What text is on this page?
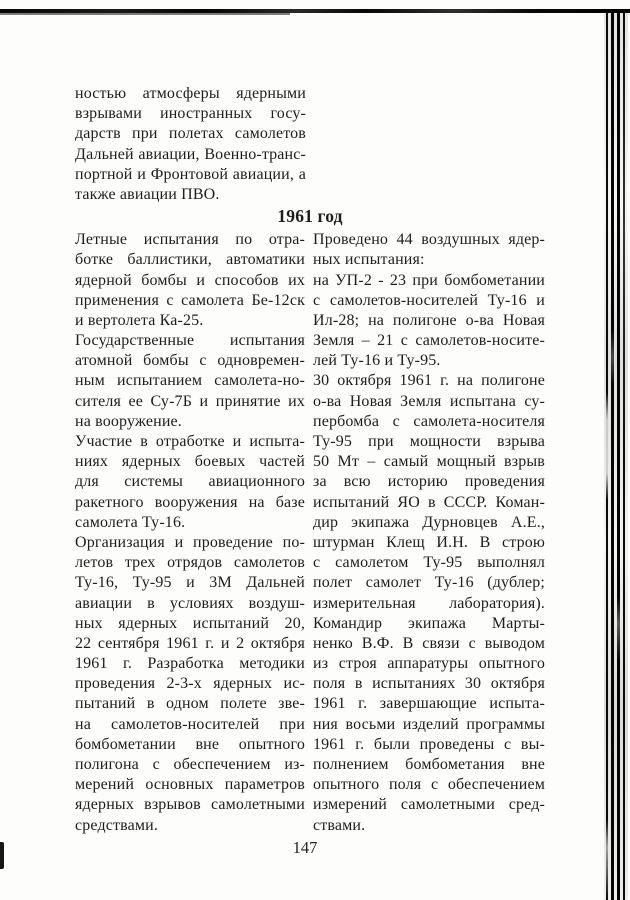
ностью атмосферы ядерными
взрывами иностранных госу-
дарств при полетах самолетов
Дальней авиации, Военно-транс-
портной и Фронтовой авиации, а
также авиации ПВО.
1961 год
Летные испытания по отра-
ботке баллистики, автоматики
ядерной бомбы и способов их
применения с самолета Бе-12ск
и вертолета Ка-25.
Государственные испытания
атомной бомбы с одновремен-
ным испытанием самолета-но-
сителя ее Су-7Б и принятие их
на вооружение.
Участие в отработке и испыта-
ниях ядерных боевых частей
для системы авиационного
ракетного вооружения на базе
самолета Ту-16.
Организация и проведение по-
летов трех отрядов самолетов
Ту-16, Ту-95 и 3М Дальней
авиации в условиях воздуш-
ных ядерных испытаний 20,
22 сентября 1961 г. и 2 октября
1961 г. Разработка методики
проведения 2-3-х ядерных ис-
пытаний в одном полете зве-
на самолетов-носителей при
бомбометании вне опытного
полигона с обеспечением из-
мерений основных параметров
ядерных взрывов самолетными
средствами.
Проведено 44 воздушных ядер-
ных испытания:
на УП-2 - 23 при бомбометании
с самолетов-носителей Ту-16 и
Ил-28; на полигоне о-ва Новая
Земля – 21 с самолетов-носите-
лей Ту-16 и Ту-95.
30 октября 1961 г. на полигоне
о-ва Новая Земля испытана су-
пербомба с самолета-носителя
Ту-95 при мощности взрыва
50 Мт – самый мощный взрыв
за всю историю проведения
испытаний ЯО в СССР. Коман-
дир экипажа Дурновцев А.Е.,
штурман Клещ И.Н. В строю
с самолетом Ту-95 выполнял
полет самолет Ту-16 (дублер;
измерительная лаборатория).
Командир экипажа Марты-
ненко В.Ф. В связи с выводом
из строя аппаратуры опытного
поля в испытаниях 30 октября
1961 г. завершающие испыта-
ния восьми изделий программы
1961 г. были проведены с вы-
полнением бомбометания вне
опытного поля с обеспечением
измерений самолетными сред-
ствами.
147
